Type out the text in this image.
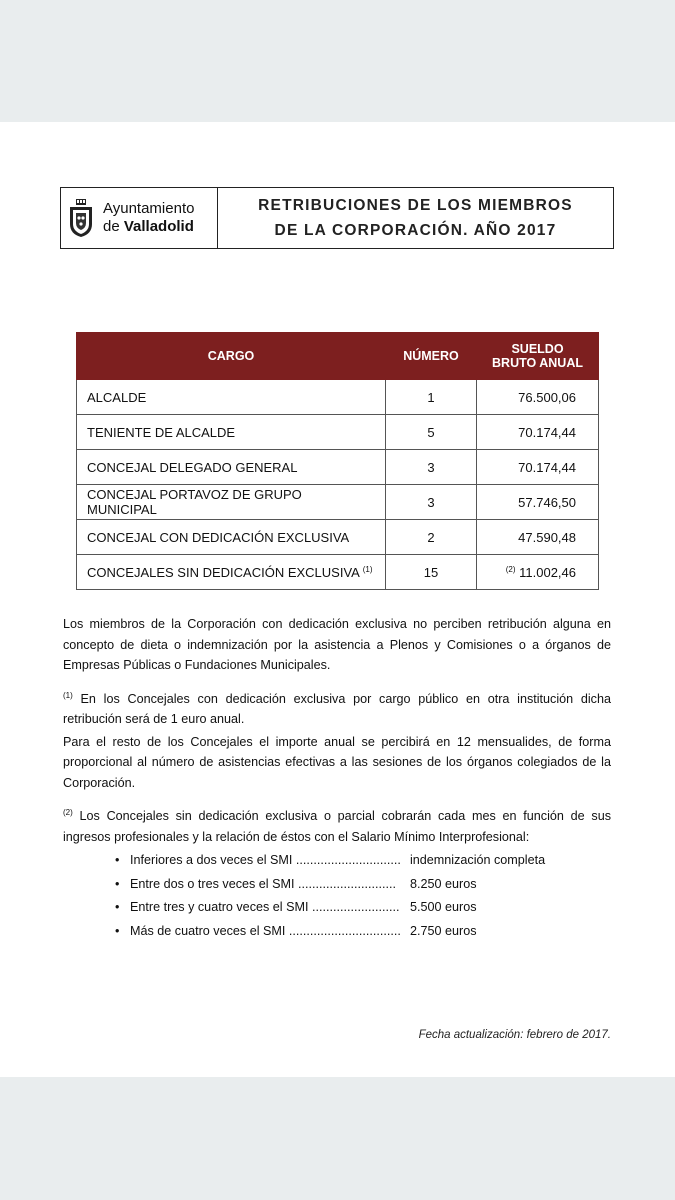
Ayuntamiento
de Valladolid
RETRIBUCIONES DE LOS MIEMBROS
DE LA CORPORACIÓN. AÑO 2017
CARGO	NÚMERO	SUELDO
BRUTO ANUAL

ALCALDE	1	76.500,06
TENIENTE DE ALCALDE	5	70.174,44
CONCEJAL DELEGADO GENERAL	3	70.174,44
CONCEJAL PORTAVOZ DE GRUPO MUNICIPAL	3	57.746,50
CONCEJAL CON DEDICACIÓN EXCLUSIVA	2	47.590,48
CONCEJALES SIN DEDICACIÓN EXCLUSIVA $^{(1)}$	15	$^{(2)}$ 11.002,46

Los miembros de la Corporación con dedicación exclusiva no perciben retribución alguna en concepto de dieta o indemnización por la asistencia a Plenos y Comisiones o a órganos de Empresas Públicas o Fundaciones Municipales.

$^{(1)}$ En los Concejales con dedicación exclusiva por cargo público en otra institución dicha retribución será de 1 euro anual.

Para el resto de los Concejales el importe anual se percibirá en 12 mensualides, de forma proporcional al número de asistencias efectivas a las sesiones de los órganos colegiados de la Corporación.

$^{(2)}$ Los Concejales sin dedicación exclusiva o parcial cobrarán cada mes en función de sus ingresos profesionales y la relación de éstos con el Salario Mínimo Interprofesional:

• Inferiores a dos veces el SMI .............................. indemnización completa
• Entre dos o tres veces el SMI ............................	8.250 euros
• Entre tres y cuatro veces el SMI ......................... 5.500 euros
• Más de cuatro veces el SMI ................................ 2.750 euros
Fecha actualización: febrero de 2017.
